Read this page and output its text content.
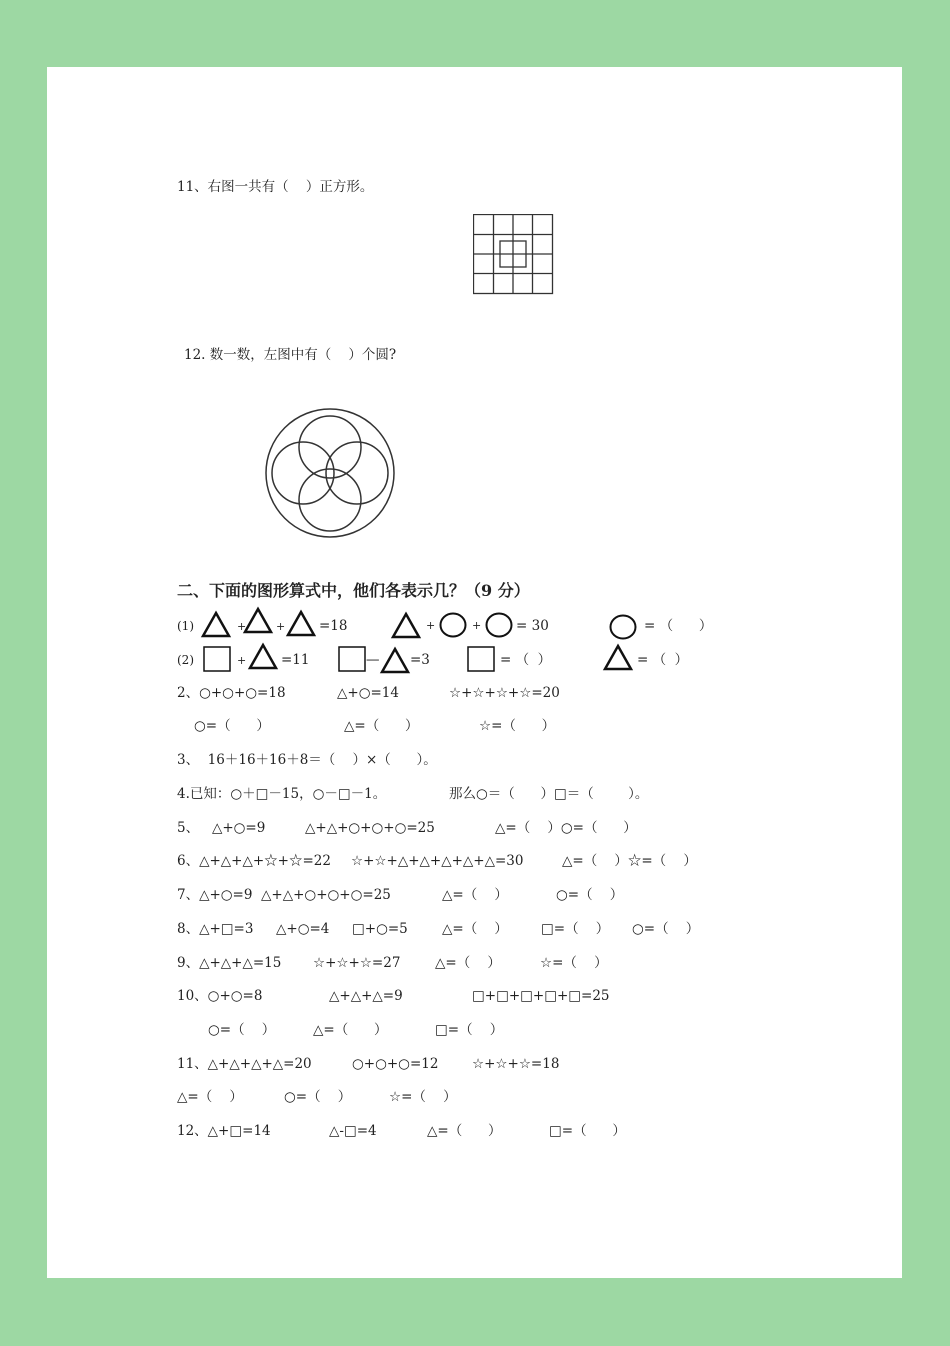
11、右图一共有（    ）正方形。
12. 数一数，左图中有（    ）个圆?
二、下面的图形算式中，他们各表示几？（9 分）
(1)	+	+	=18	+	+	= 30	= （      ）
(2)	+	=11	— =3	= （  ）	= （  ）
2、○+○+○=18	△+○=14	☆+☆+☆+☆=20
○=（      ）	△=（      ）	☆=（      ）
3、  16＋16＋16＋8＝（    ）×（      ）。
4.已知：○＋□－15，○－□－1。	那么○＝（      ）□＝（        ）。
5、   △+○=9	△+△+○+○+○=25	△=（    ）○=（      ）
6、△+△+△+☆+☆=22 ☆+☆+△+△+△+△+△=30	△=（    ）☆=（    ）
7、△+○=9  △+△+○+○+○=25	△=（    ）	○=（    ）
8、△+□=3 △+○=4 □+○=5	△=（    ） □=（    ） ○=（    ）
9、△+△+△=15 ☆+☆+☆=27	△=（    ）	☆=（    ）
10、○+○=8	△+△+△=9	□+□+□+□+□=25
○=（    ）	△=（      ）	□=（    ）
11、△+△+△+△=20	○+○+○=12 ☆+☆+☆=18
△=（    ）	○=（    ）	☆=（    ）
12、△+□=14	△-□=4	△=（      ）	□=（      ）
